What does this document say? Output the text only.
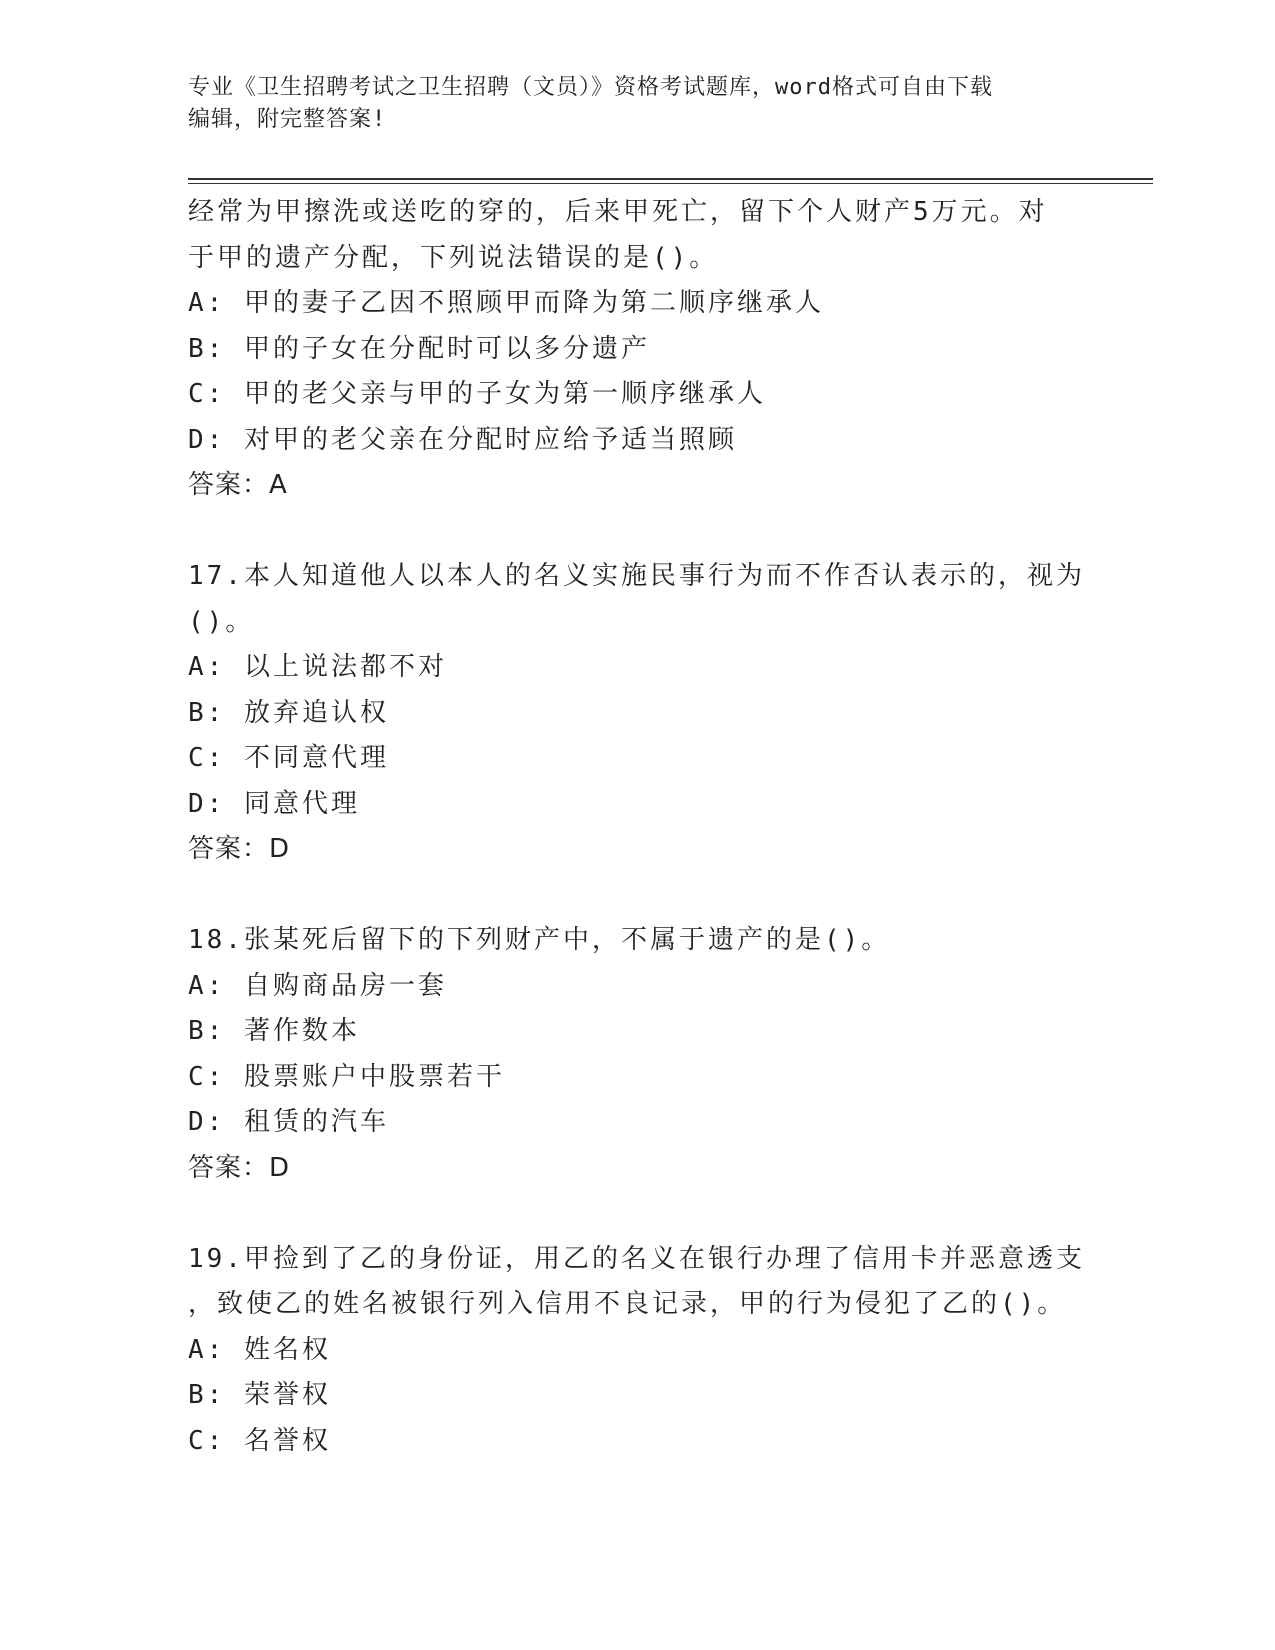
专业《卫生招聘考试之卫生招聘（文员）》资格考试题库，word格式可自由下载
编辑，附完整答案!
经常为甲擦洗或送吃的穿的，后来甲死亡，留下个人财产5万元。对
于甲的遗产分配，下列说法错误的是()。
A: 甲的妻子乙因不照顾甲而降为第二顺序继承人
B: 甲的子女在分配时可以多分遗产
C: 甲的老父亲与甲的子女为第一顺序继承人
D: 对甲的老父亲在分配时应给予适当照顾
答案：A
17.本人知道他人以本人的名义实施民事行为而不作否认表示的，视为
()。
A: 以上说法都不对
B: 放弃追认权
C: 不同意代理
D: 同意代理
答案：D
18.张某死后留下的下列财产中，不属于遗产的是()。
A: 自购商品房一套
B: 著作数本
C: 股票账户中股票若干
D: 租赁的汽车
答案：D
19.甲捡到了乙的身份证，用乙的名义在银行办理了信用卡并恶意透支
，致使乙的姓名被银行列入信用不良记录，甲的行为侵犯了乙的()。
A: 姓名权
B: 荣誉权
C: 名誉权
